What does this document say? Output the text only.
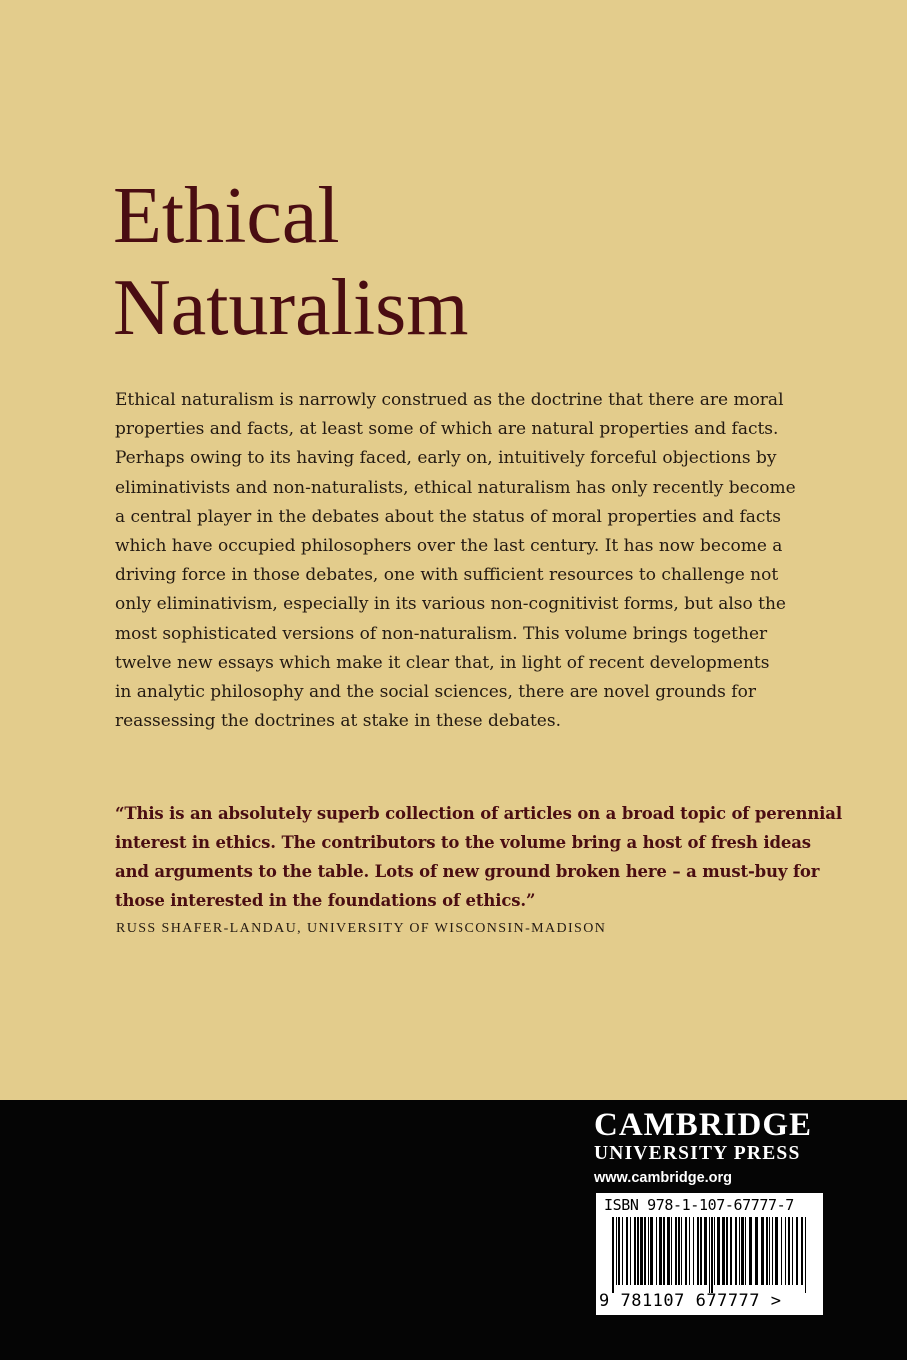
Ethical
Naturalism
Ethical naturalism is narrowly construed as the doctrine that there are moral
properties and facts, at least some of which are natural properties and facts.
Perhaps owing to its having faced, early on, intuitively forceful objections by
eliminativists and non-naturalists, ethical naturalism has only recently become
a central player in the debates about the status of moral properties and facts
which have occupied philosophers over the last century. It has now become a
driving force in those debates, one with sufficient resources to challenge not
only eliminativism, especially in its various non-cognitivist forms, but also the
most sophisticated versions of non-naturalism. This volume brings together
twelve new essays which make it clear that, in light of recent developments
in analytic philosophy and the social sciences, there are novel grounds for
reassessing the doctrines at stake in these debates.
“This is an absolutely superb collection of articles on a broad topic of perennial
interest in ethics. The contributors to the volume bring a host of fresh ideas
and arguments to the table. Lots of new ground broken here – a must-buy for
those interested in the foundations of ethics.”
RUSS SHAFER-LANDAU, UNIVERSITY OF WISCONSIN-MADISON
CAMBRIDGE
UNIVERSITY PRESS
www.cambridge.org
ISBN 978-1-107-67777-7
9 781107 677777 >
